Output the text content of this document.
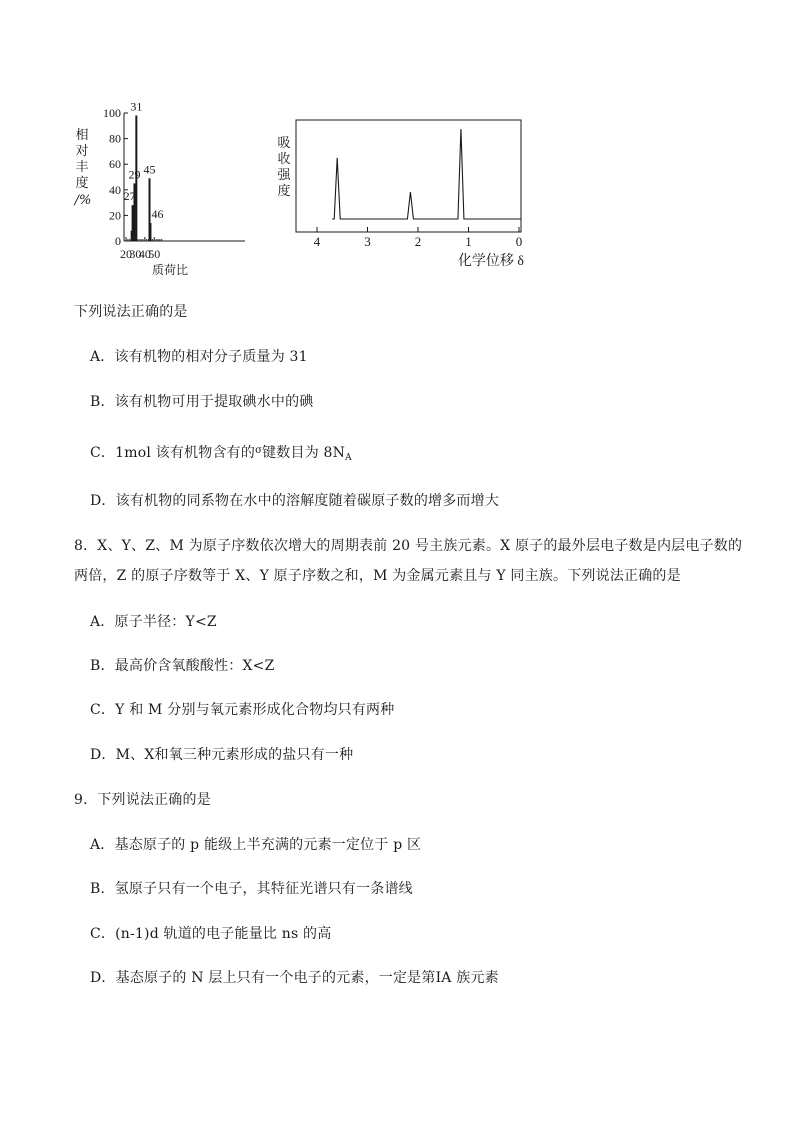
相
对
丰
度
/%
100
80
60
40
20
0
20
30
40
50
27
29
31
45
46
质荷比
吸
收
强
度
4	3	2	1	0
化学位移 δ
下列说法正确的是
A．该有机物的相对分子质量为 31
B．该有机物可用于提取碘水中的碘
C．1mol 该有机物含有的$^\sigma$键数目为 $8N_A$
D．该有机物的同系物在水中的溶解度随着碳原子数的增多而增大
8．X、Y、Z、M 为原子序数依次增大的周期表前 20 号主族元素。X 原子的最外层电子数是内层电子数的
两倍，Z 的原子序数等于 X、Y 原子序数之和，M 为金属元素且与 Y 同主族。下列说法正确的是
A．原子半径：Y<Z
B．最高价含氧酸酸性：X<Z
C．Y 和 M 分别与氧元素形成化合物均只有两种
D．M、X和氧三种元素形成的盐只有一种
9．下列说法正确的是
A．基态原子的 p 能级上半充满的元素一定位于 p 区
B．氢原子只有一个电子，其特征光谱只有一条谱线
C．(n-1)d 轨道的电子能量比 ns 的高
D．基态原子的 N 层上只有一个电子的元素，一定是第ⅠA 族元素
